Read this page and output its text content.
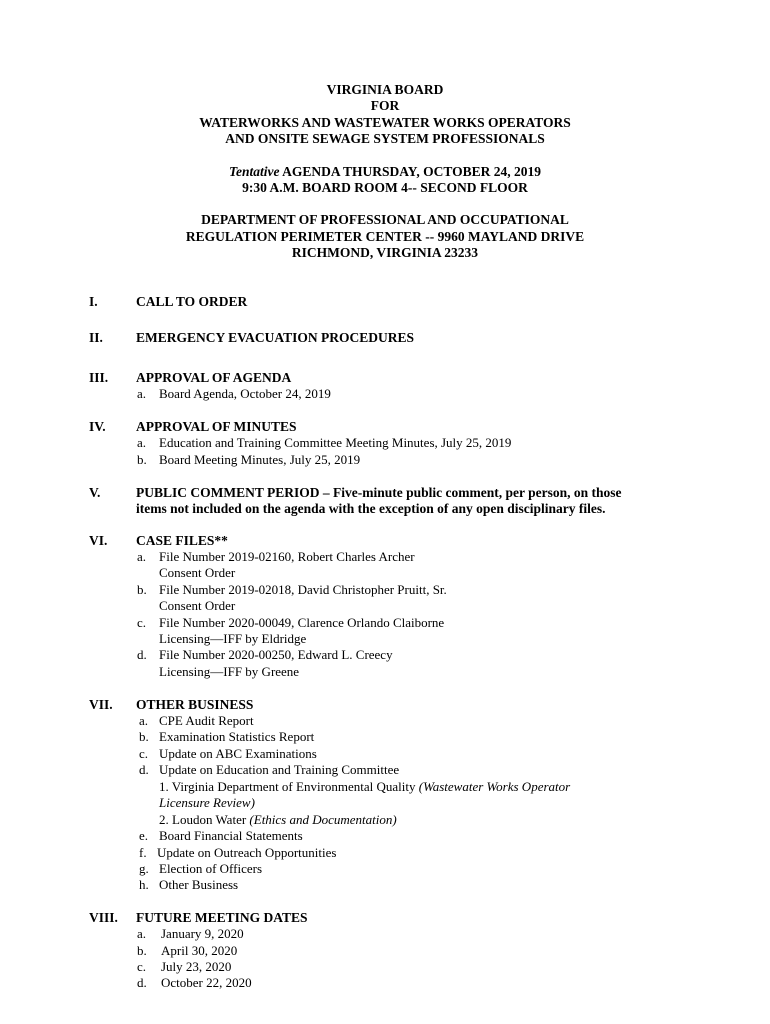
VIRGINIA BOARD
FOR
WATERWORKS AND WASTEWATER WORKS OPERATORS
AND ONSITE SEWAGE SYSTEM PROFESSIONALS
Tentative AGENDA THURSDAY, OCTOBER 24, 2019
9:30 A.M. BOARD ROOM 4-- SECOND FLOOR
DEPARTMENT OF PROFESSIONAL AND OCCUPATIONAL
REGULATION PERIMETER CENTER -- 9960 MAYLAND DRIVE
RICHMOND, VIRGINIA 23233
I.	CALL TO ORDER
II. EMERGENCY EVACUATION PROCEDURES
III. APPROVAL OF AGENDA
a. Board Agenda, October 24, 2019
IV. APPROVAL OF MINUTES
a. Education and Training Committee Meeting Minutes, July 25, 2019
b. Board Meeting Minutes, July 25, 2019
V.	PUBLIC COMMENT PERIOD – Five-minute public comment, per person, on those
items not included on the agenda with the exception of any open disciplinary files.
VI. CASE FILES**
a. File Number 2019-02160, Robert Charles Archer
Consent Order
b. File Number 2019-02018, David Christopher Pruitt, Sr.
Consent Order
c. File Number 2020-00049, Clarence Orlando Claiborne
Licensing—IFF by Eldridge
d. File Number 2020-00250, Edward L. Creecy
Licensing—IFF by Greene
VII. OTHER BUSINESS
a. CPE Audit Report
b. Examination Statistics Report
c. Update on ABC Examinations
d. Update on Education and Training Committee
1. Virginia Department of Environmental Quality (Wastewater Works Operator
Licensure Review)
2. Loudon Water (Ethics and Documentation)
e. Board Financial Statements
f. Update on Outreach Opportunities
g. Election of Officers
h. Other Business
VIII. FUTURE MEETING DATES
a. January 9, 2020
b. April 30, 2020
c. July 23, 2020
d. October 22, 2020
